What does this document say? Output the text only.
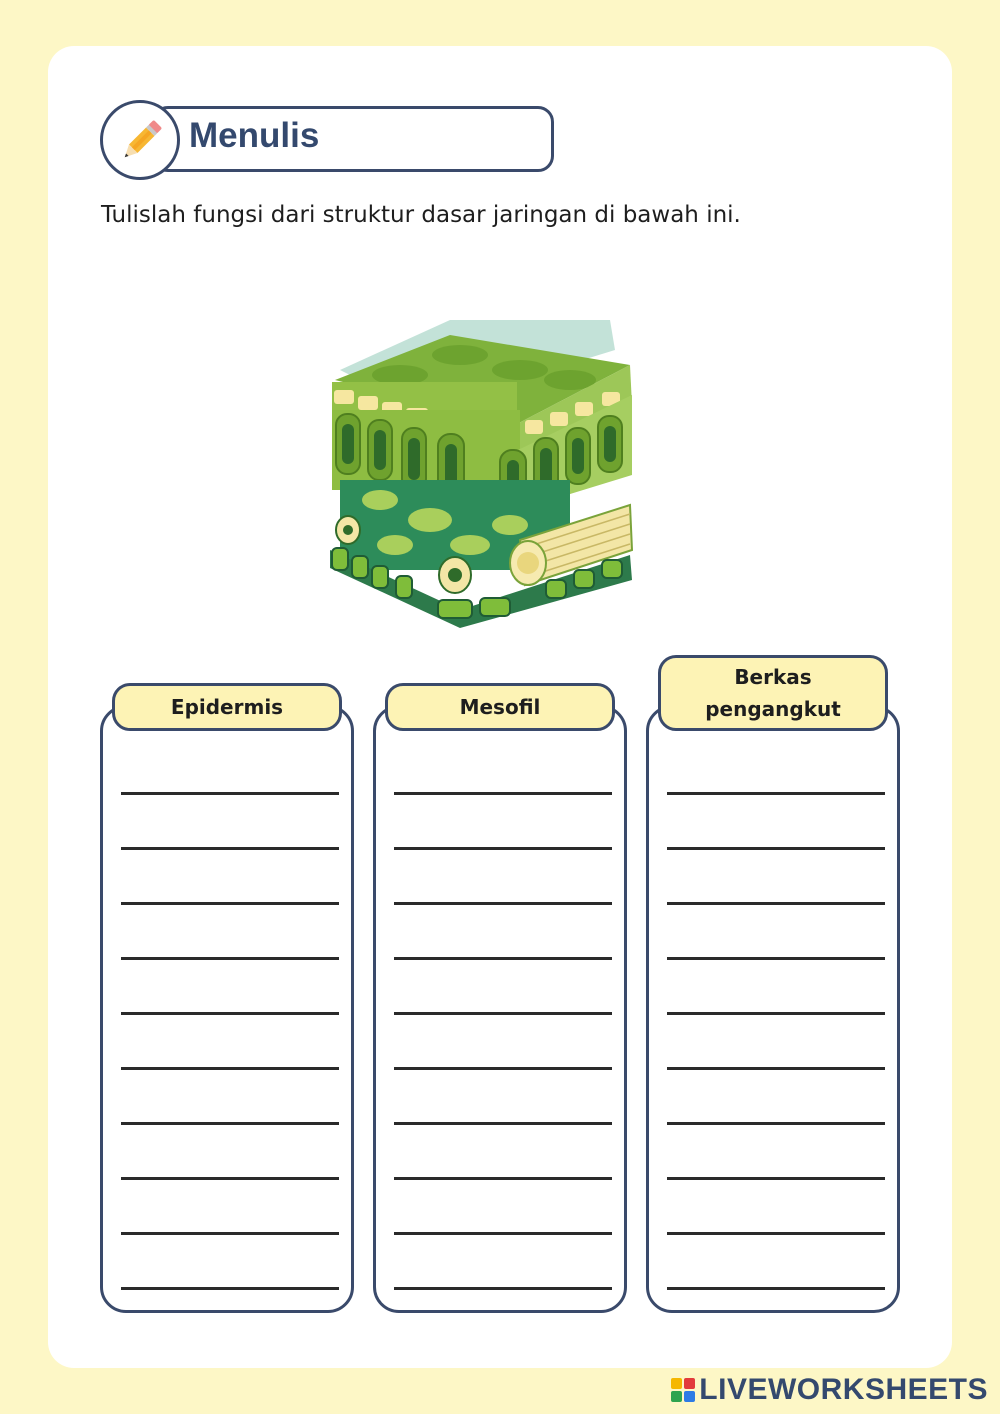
Menulis
Tulislah fungsi dari struktur dasar jaringan di bawah ini.
Epidermis	Mesofil
Berkas pengangkut
LIVEWORKSHEETS
